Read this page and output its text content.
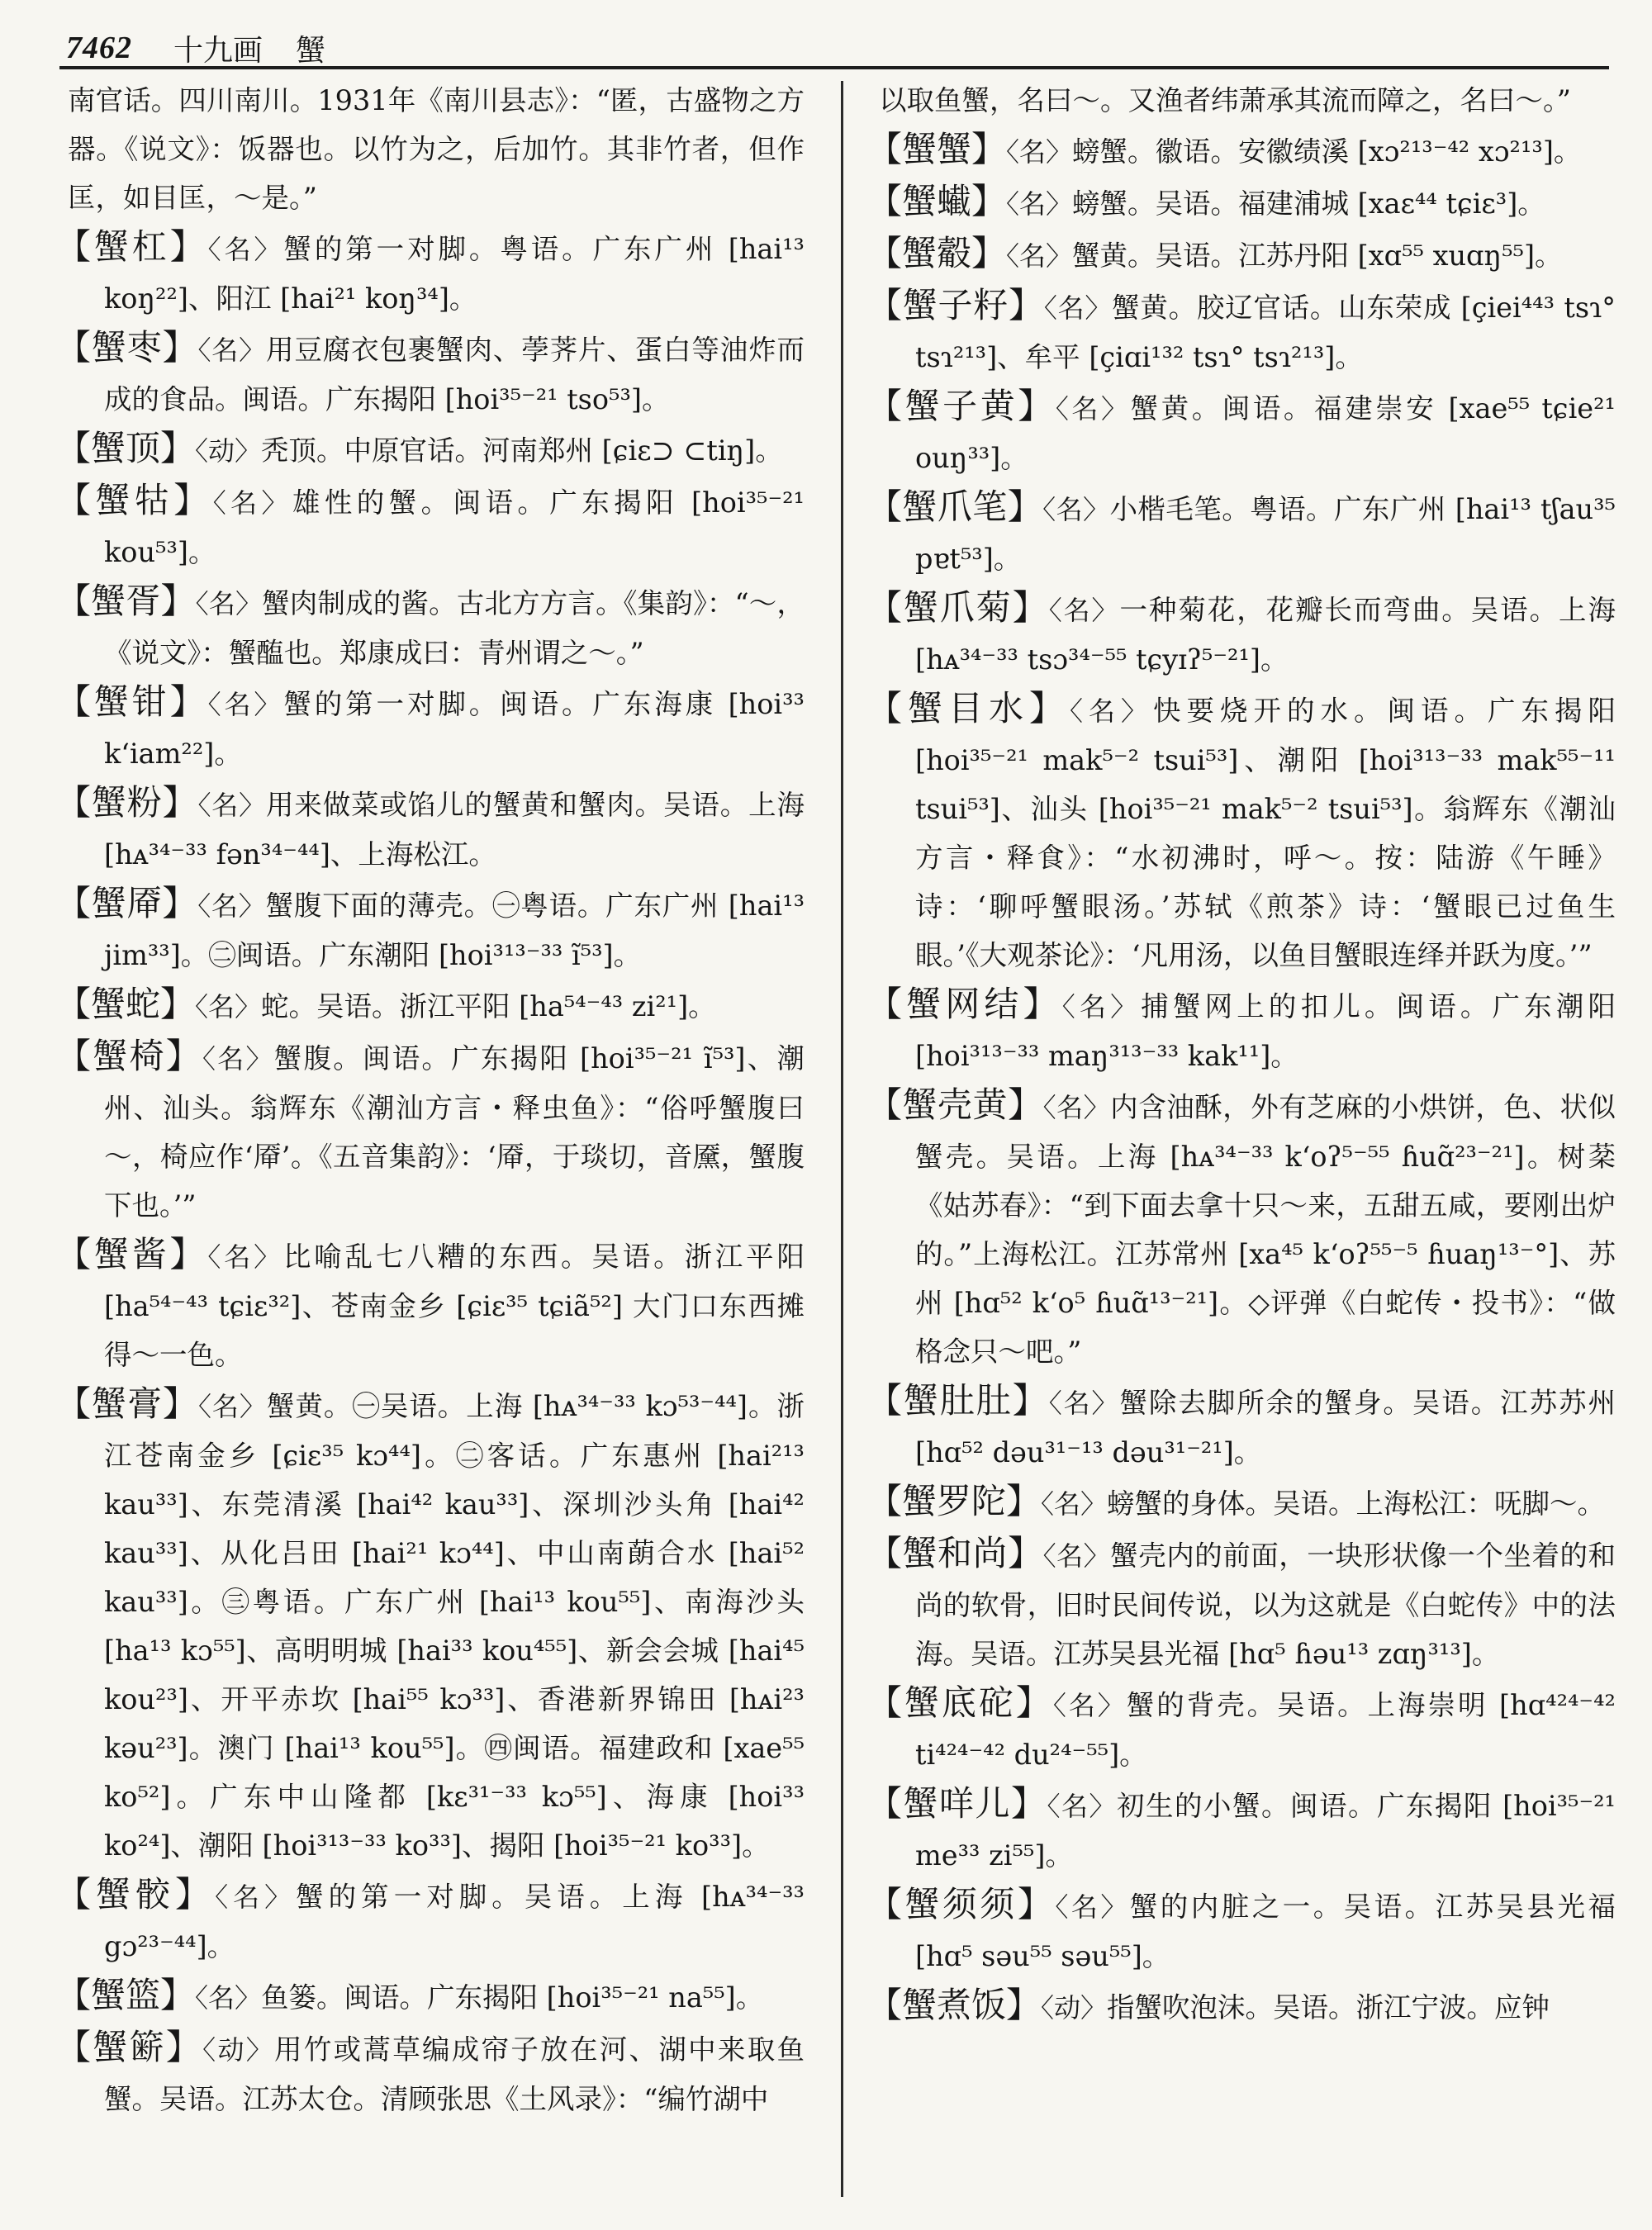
7462 十九画 蟹

南官话。四川南川。1931年《南川县志》：“匿，古盛物之方器。《说文》：饭器也。以竹为之，后加竹。其非竹者，但作匡，如目匡，～是。”

【蟹杠】〈名〉蟹的第一对脚。粤语。广东广州 [hai¹³ koŋ²²]、阳江 [hai²¹ koŋ³⁴]。

【蟹枣】〈名〉用豆腐衣包裹蟹肉、荸荠片、蛋白等油炸而成的食品。闽语。广东揭阳 [hoi³⁵⁻²¹ tso⁵³]。

【蟹顶】〈动〉秃顶。中原官话。河南郑州 [ɕiɛ⊃ ⊂tiŋ]。

【蟹牯】〈名〉雄性的蟹。闽语。广东揭阳 [hoi³⁵⁻²¹ kou⁵³]。

【蟹胥】〈名〉蟹肉制成的酱。古北方方言。《集韵》：“～，《说文》：蟹醢也。郑康成曰：青州谓之～。”

【蟹钳】〈名〉蟹的第一对脚。闽语。广东海康 [hoi³³ k‘iam²²]。

【蟹粉】〈名〉用来做菜或馅儿的蟹黄和蟹肉。吴语。上海 [hᴀ³⁴⁻³³ fən³⁴⁻⁴⁴]、上海松江。

【蟹厣】〈名〉蟹腹下面的薄壳。㊀粤语。广东广州 [hai¹³ jim³³]。㊁闽语。广东潮阳 [hoi³¹³⁻³³ ĩ⁵³]。

【蟹蛇】〈名〉蛇。吴语。浙江平阳 [ha⁵⁴⁻⁴³ zi²¹]。

【蟹椅】〈名〉蟹腹。闽语。广东揭阳 [hoi³⁵⁻²¹ ĩ⁵³]、潮州、汕头。翁辉东《潮汕方言・释虫鱼》：“俗呼蟹腹曰～，椅应作‘厣’。《五音集韵》：‘厣，于琰切，音黡，蟹腹下也。’”

【蟹酱】〈名〉比喻乱七八糟的东西。吴语。浙江平阳 [ha⁵⁴⁻⁴³ tɕiɛ³²]、苍南金乡 [ɕiɛ³⁵ tɕiã⁵²] 大门口东西摊得～一色。

【蟹膏】〈名〉蟹黄。㊀吴语。上海 [hᴀ³⁴⁻³³ kɔ⁵³⁻⁴⁴]。浙江苍南金乡 [ɕiɛ³⁵ kɔ⁴⁴]。㊁客话。广东惠州 [hai²¹³ kau³³]、东莞清溪 [hai⁴² kau³³]、深圳沙头角 [hai⁴² kau³³]、从化吕田 [hai²¹ kɔ⁴⁴]、中山南蓢合水 [hai⁵² kau³³]。㊂粤语。广东广州 [hai¹³ kou⁵⁵]、南海沙头 [ha¹³ kɔ⁵⁵]、高明明城 [hai³³ kou⁴⁵⁵]、新会会城 [hai⁴⁵ kou²³]、开平赤坎 [hai⁵⁵ kɔ³³]、香港新界锦田 [hᴀi²³ kəu²³]。澳门 [hai¹³ kou⁵⁵]。㊃闽语。福建政和 [xae⁵⁵ ko⁵²]。广东中山隆都 [kɛ³¹⁻³³ kɔ⁵⁵]、海康 [hoi³³ ko²⁴]、潮阳 [hoi³¹³⁻³³ ko³³]、揭阳 [hoi³⁵⁻²¹ ko³³]。

【蟹骹】〈名〉蟹的第一对脚。吴语。上海 [hᴀ³⁴⁻³³ gɔ²³⁻⁴⁴]。

【蟹篮】〈名〉鱼篓。闽语。广东揭阳 [hoi³⁵⁻²¹ na⁵⁵]。

【蟹簖】〈动〉用竹或蒿草编成帘子放在河、湖中来取鱼蟹。吴语。江苏太仓。清顾张思《土风录》：“编竹湖中

以取鱼蟹，名曰～。又渔者纬萧承其流而障之，名曰～。”

【蟹蟹】〈名〉螃蟹。徽语。安徽绩溪 [xɔ²¹³⁻⁴² xɔ²¹³]。

【蟹蠘】〈名〉螃蟹。吴语。福建浦城 [xaɛ⁴⁴ tɕiɛ³]。

【蟹觳】〈名〉蟹黄。吴语。江苏丹阳 [xɑ⁵⁵ xuɑŋ⁵⁵]。

【蟹子籽】〈名〉蟹黄。胶辽官话。山东荣成 [çiei⁴⁴³ tsɿ° tsɿ²¹³]、牟平 [çiɑi¹³² tsɿ° tsɿ²¹³]。

【蟹子黄】〈名〉蟹黄。闽语。福建崇安 [xae⁵⁵ tɕie²¹ ouŋ³³]。

【蟹爪笔】〈名〉小楷毛笔。粤语。广东广州 [hai¹³ tʃau³⁵ pɐt⁵³]。

【蟹爪菊】〈名〉一种菊花，花瓣长而弯曲。吴语。上海 [hᴀ³⁴⁻³³ tsɔ³⁴⁻⁵⁵ tɕyɪʔ⁵⁻²¹]。

【蟹目水】〈名〉快要烧开的水。闽语。广东揭阳 [hoi³⁵⁻²¹ mak⁵⁻² tsui⁵³]、潮阳 [hoi³¹³⁻³³ mak⁵⁵⁻¹¹ tsui⁵³]、汕头 [hoi³⁵⁻²¹ mak⁵⁻² tsui⁵³]。翁辉东《潮汕方言・释食》：“水初沸时，呼～。按：陆游《午睡》诗：‘聊呼蟹眼汤。’苏轼《煎茶》诗：‘蟹眼已过鱼生眼。’《大观茶论》：‘凡用汤，以鱼目蟹眼连绎并跃为度。’”

【蟹网结】〈名〉捕蟹网上的扣儿。闽语。广东潮阳 [hoi³¹³⁻³³ maŋ³¹³⁻³³ kak¹¹]。

【蟹壳黄】〈名〉内含油酥，外有芝麻的小烘饼，色、状似蟹壳。吴语。上海 [hᴀ³⁴⁻³³ k‘oʔ⁵⁻⁵⁵ ɦuɑ̃²³⁻²¹]。树棻《姑苏春》：“到下面去拿十只～来，五甜五咸，要刚出炉的。”上海松江。江苏常州 [xa⁴⁵ k‘oʔ⁵⁵⁻⁵ ɦuaŋ¹³⁻°]、苏州 [hɑ⁵² k‘o⁵ ɦuɑ̃¹³⁻²¹]。◇评弹《白蛇传・投书》：“做格念只～吧。”

【蟹肚肚】〈名〉蟹除去脚所余的蟹身。吴语。江苏苏州 [hɑ⁵² dəu³¹⁻¹³ dəu³¹⁻²¹]。

【蟹罗陀】〈名〉螃蟹的身体。吴语。上海松江：呒脚～。

【蟹和尚】〈名〉蟹壳内的前面，一块形状像一个坐着的和尚的软骨，旧时民间传说，以为这就是《白蛇传》中的法海。吴语。江苏吴县光福 [hɑ⁵ ɦəu¹³ zɑŋ³¹³]。

【蟹底砣】〈名〉蟹的背壳。吴语。上海崇明 [hɑ⁴²⁴⁻⁴² ti⁴²⁴⁻⁴² du²⁴⁻⁵⁵]。

【蟹咩儿】〈名〉初生的小蟹。闽语。广东揭阳 [hoi³⁵⁻²¹ me³³ zi⁵⁵]。

【蟹须须】〈名〉蟹的内脏之一。吴语。江苏吴县光福 [hɑ⁵ səu⁵⁵ səu⁵⁵]。

【蟹煮饭】〈动〉指蟹吹泡沫。吴语。浙江宁波。应钟
